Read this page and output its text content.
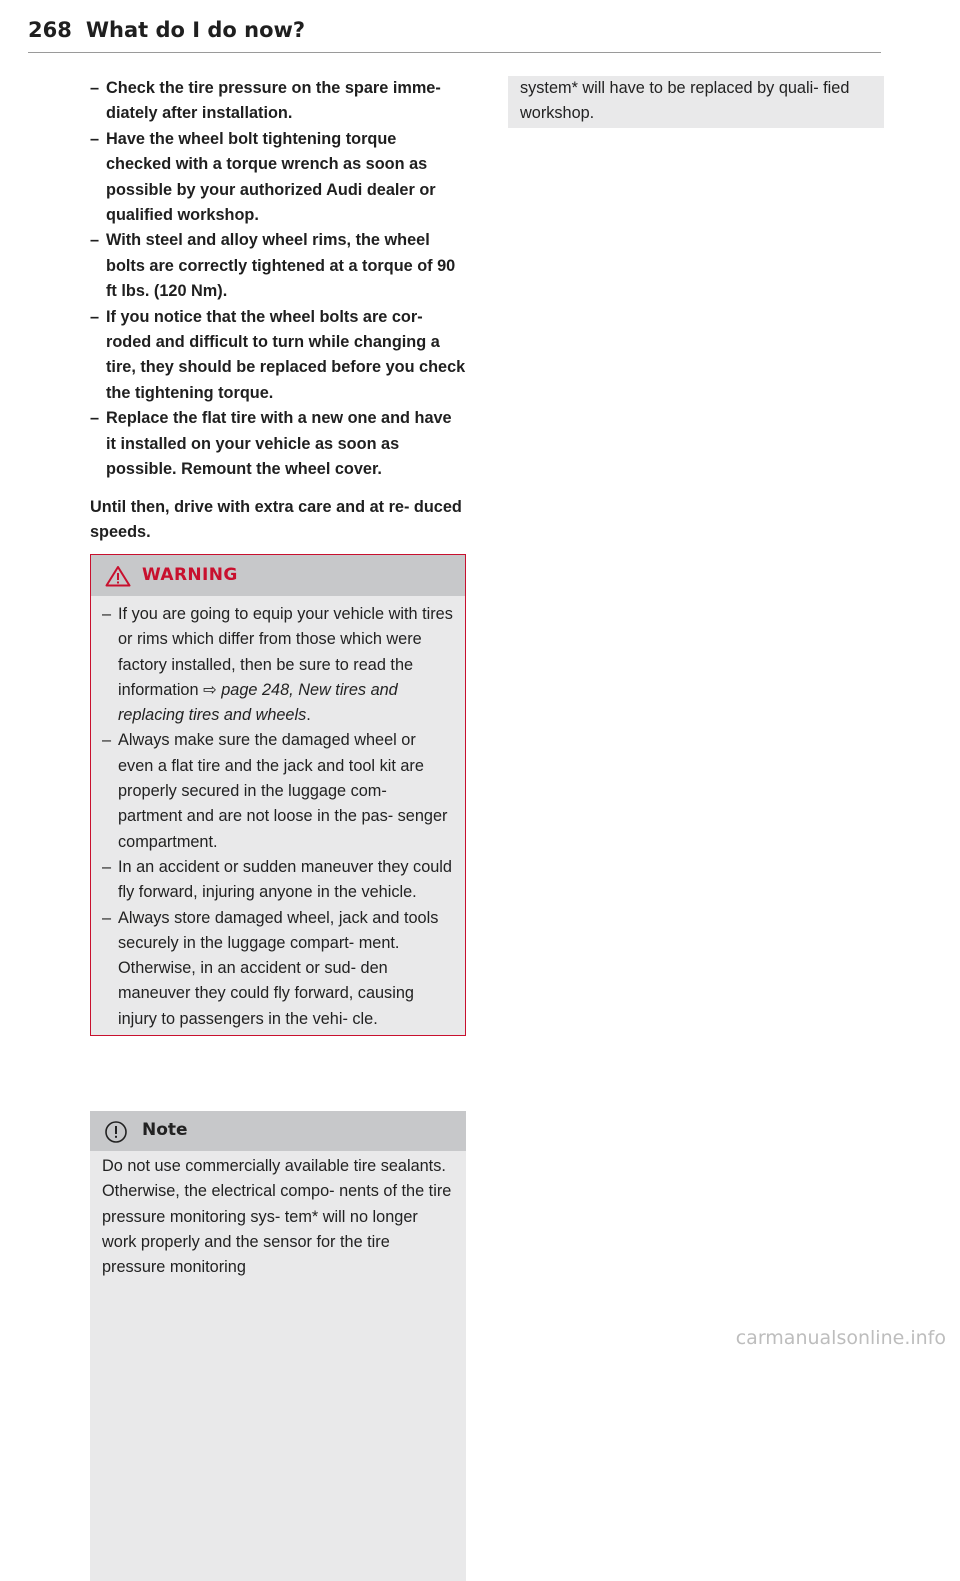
268 What do I do now?
– Check the tire pressure on the spare imme-  diately after installation.
– Have the wheel bolt tightening torque checked with a torque wrench as soon as possible by your authorized Audi dealer or qualified workshop.
– With steel and alloy wheel rims, the wheel bolts are correctly tightened at a torque of 90 ft lbs. (120 Nm).
– If you notice that the wheel bolts are cor- roded and difficult to turn while changing a tire, they should be replaced before you check the tightening torque.
– Replace the flat tire with a new one and have it installed on your vehicle as soon as possible. Remount the wheel cover.

Until then, drive with extra care and at re- duced speeds.

WARNING
– If you are going to equip your vehicle with tires or rims which differ from those which were factory installed, then be sure to read the information ⇨ page 248, New tires and replacing tires and wheels.
– Always make sure the damaged wheel or even a flat tire and the jack and tool kit are properly secured in the luggage com- partment and are not loose in the pas- senger compartment.
– In an accident or sudden maneuver they could fly forward, injuring anyone in the vehicle.
– Always store damaged wheel, jack and tools securely in the luggage compart- ment. Otherwise, in an accident or sud- den maneuver they could fly forward, causing injury to passengers in the vehi- cle.
Note
Do not use commercially available tire sealants. Otherwise, the electrical compo- nents of the tire pressure monitoring sys- tem* will no longer work properly and the sensor for the tire pressure monitoring

system* will have to be replaced by quali- fied workshop.

carmanualsonline.info
